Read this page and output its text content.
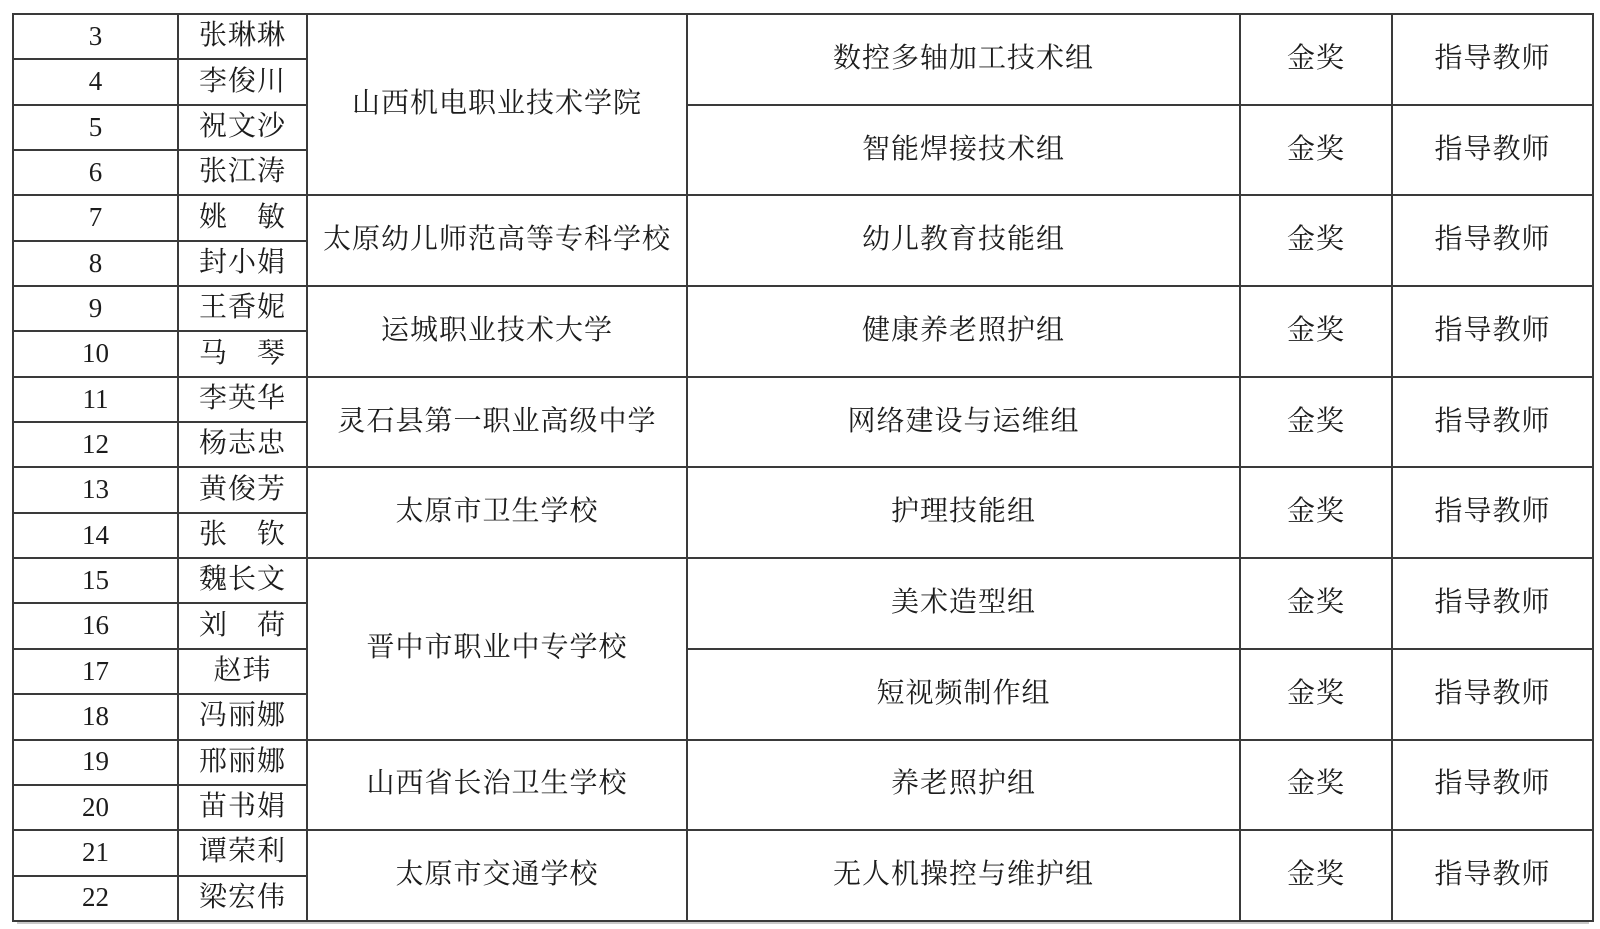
3	张琳琳	山西机电职业技术学院	数控多轴加工技术组	金奖	指导教师
4	李俊川				
5	祝文沙		智能焊接技术组	金奖	指导教师
6	张江涛				
7	姚　敏	太原幼儿师范高等专科学校	幼儿教育技能组	金奖	指导教师
8	封小娟				
9	王香妮	运城职业技术大学	健康养老照护组	金奖	指导教师
10	马　琴				
11	李英华	灵石县第一职业高级中学	网络建设与运维组	金奖	指导教师
12	杨志忠				
13	黄俊芳	太原市卫生学校	护理技能组	金奖	指导教师
14	张　钦				
15	魏长文	晋中市职业中专学校	美术造型组	金奖	指导教师
16	刘　荷				
17	赵玮		短视频制作组	金奖	指导教师
18	冯丽娜				
19	邢丽娜	山西省长治卫生学校	养老照护组	金奖	指导教师
20	苗书娟				
21	谭荣利	太原市交通学校	无人机操控与维护组	金奖	指导教师
22	梁宏伟				
